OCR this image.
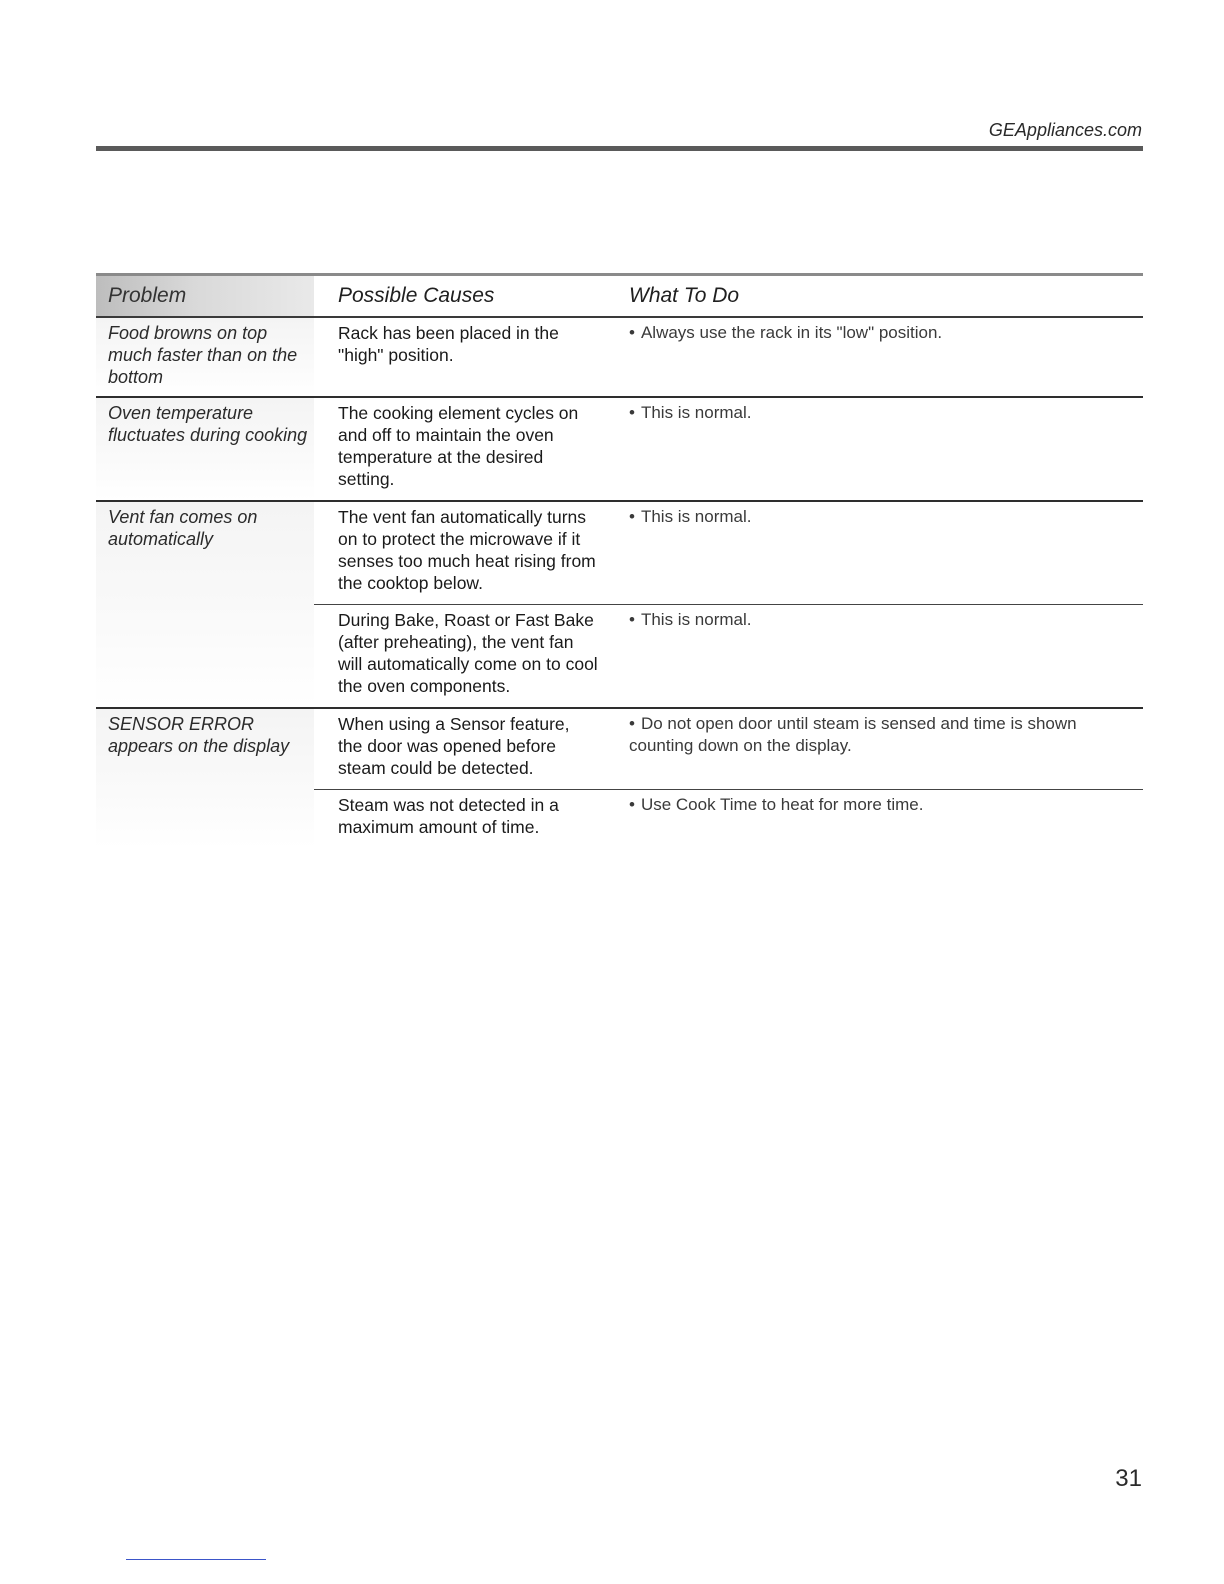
GEAppliances.com
Problem	Possible Causes	What To Do
Food browns on top much faster than on the bottom
Rack has been placed in the "high" position.
• Always use the rack in its "low" position.
Oven temperature fluctuates during cooking
The cooking element cycles on and off to maintain the oven temperature at the desired setting.
• This is normal.
Vent fan comes on automatically
The vent fan automatically turns on to protect the microwave if it senses too much heat rising from the cooktop below.
• This is normal.
During Bake, Roast or Fast Bake (after preheating), the vent fan will automatically come on to cool the oven components.
• This is normal.
SENSOR ERROR appears on the display
When using a Sensor feature, the door was opened before steam could be detected.
• Do not open door until steam is sensed and time is shown counting down on the display.
Steam was not detected in a maximum amount of time.
• Use Cook Time to heat for more time.
31
